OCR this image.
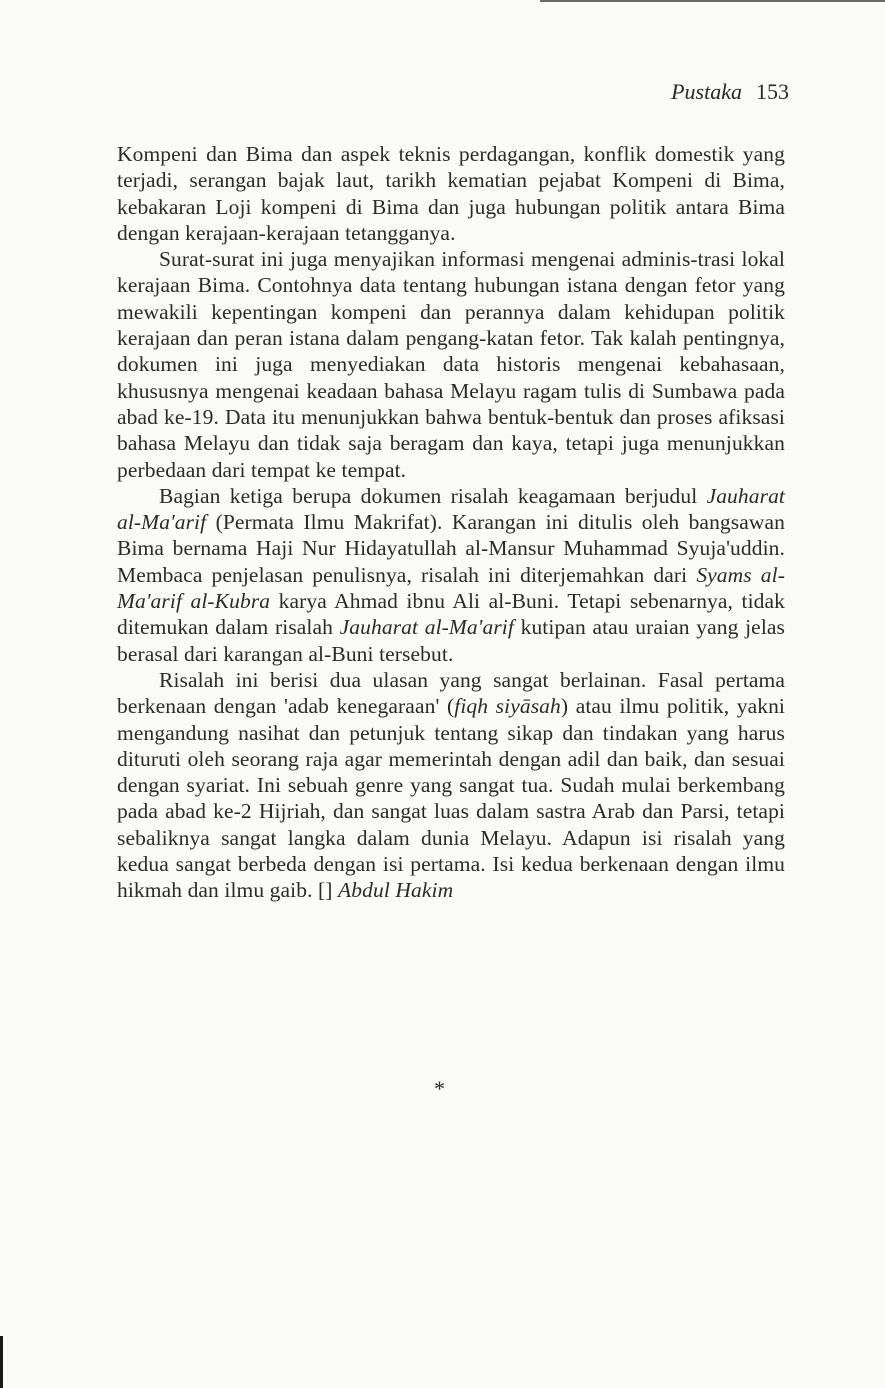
Pustaka 153

Kompeni dan Bima dan aspek teknis perdagangan, konflik domestik yang terjadi, serangan bajak laut, tarikh kematian pejabat Kompeni di Bima, kebakaran Loji kompeni di Bima dan juga hubungan politik antara Bima dengan kerajaan-kerajaan tetangganya.

Surat-surat ini juga menyajikan informasi mengenai adminis-trasi lokal kerajaan Bima. Contohnya data tentang hubungan istana dengan fetor yang mewakili kepentingan kompeni dan perannya dalam kehidupan politik kerajaan dan peran istana dalam pengang-katan fetor. Tak kalah pentingnya, dokumen ini juga menyediakan data historis mengenai kebahasaan, khususnya mengenai keadaan bahasa Melayu ragam tulis di Sumbawa pada abad ke-19. Data itu menunjukkan bahwa bentuk-bentuk dan proses afiksasi bahasa Melayu dan tidak saja beragam dan kaya, tetapi juga menunjukkan perbedaan dari tempat ke tempat.

Bagian ketiga berupa dokumen risalah keagamaan berjudul Jauharat al-Ma'arif (Permata Ilmu Makrifat). Karangan ini ditulis oleh bangsawan Bima bernama Haji Nur Hidayatullah al-Mansur Muhammad Syuja'uddin. Membaca penjelasan penulisnya, risalah ini diterjemahkan dari Syams al-Ma'arif al-Kubra karya Ahmad ibnu Ali al-Buni. Tetapi sebenarnya, tidak ditemukan dalam risalah Jauharat al-Ma'arif kutipan atau uraian yang jelas berasal dari karangan al-Buni tersebut.

Risalah ini berisi dua ulasan yang sangat berlainan. Fasal pertama berkenaan dengan 'adab kenegaraan' (fiqh siyāsah) atau ilmu politik, yakni mengandung nasihat dan petunjuk tentang sikap dan tindakan yang harus dituruti oleh seorang raja agar memerintah dengan adil dan baik, dan sesuai dengan syariat. Ini sebuah genre yang sangat tua. Sudah mulai berkembang pada abad ke-2 Hijriah, dan sangat luas dalam sastra Arab dan Parsi, tetapi sebaliknya sangat langka dalam dunia Melayu. Adapun isi risalah yang kedua sangat berbeda dengan isi pertama. Isi kedua berkenaan dengan ilmu hikmah dan ilmu gaib. [] Abdul Hakim

*
